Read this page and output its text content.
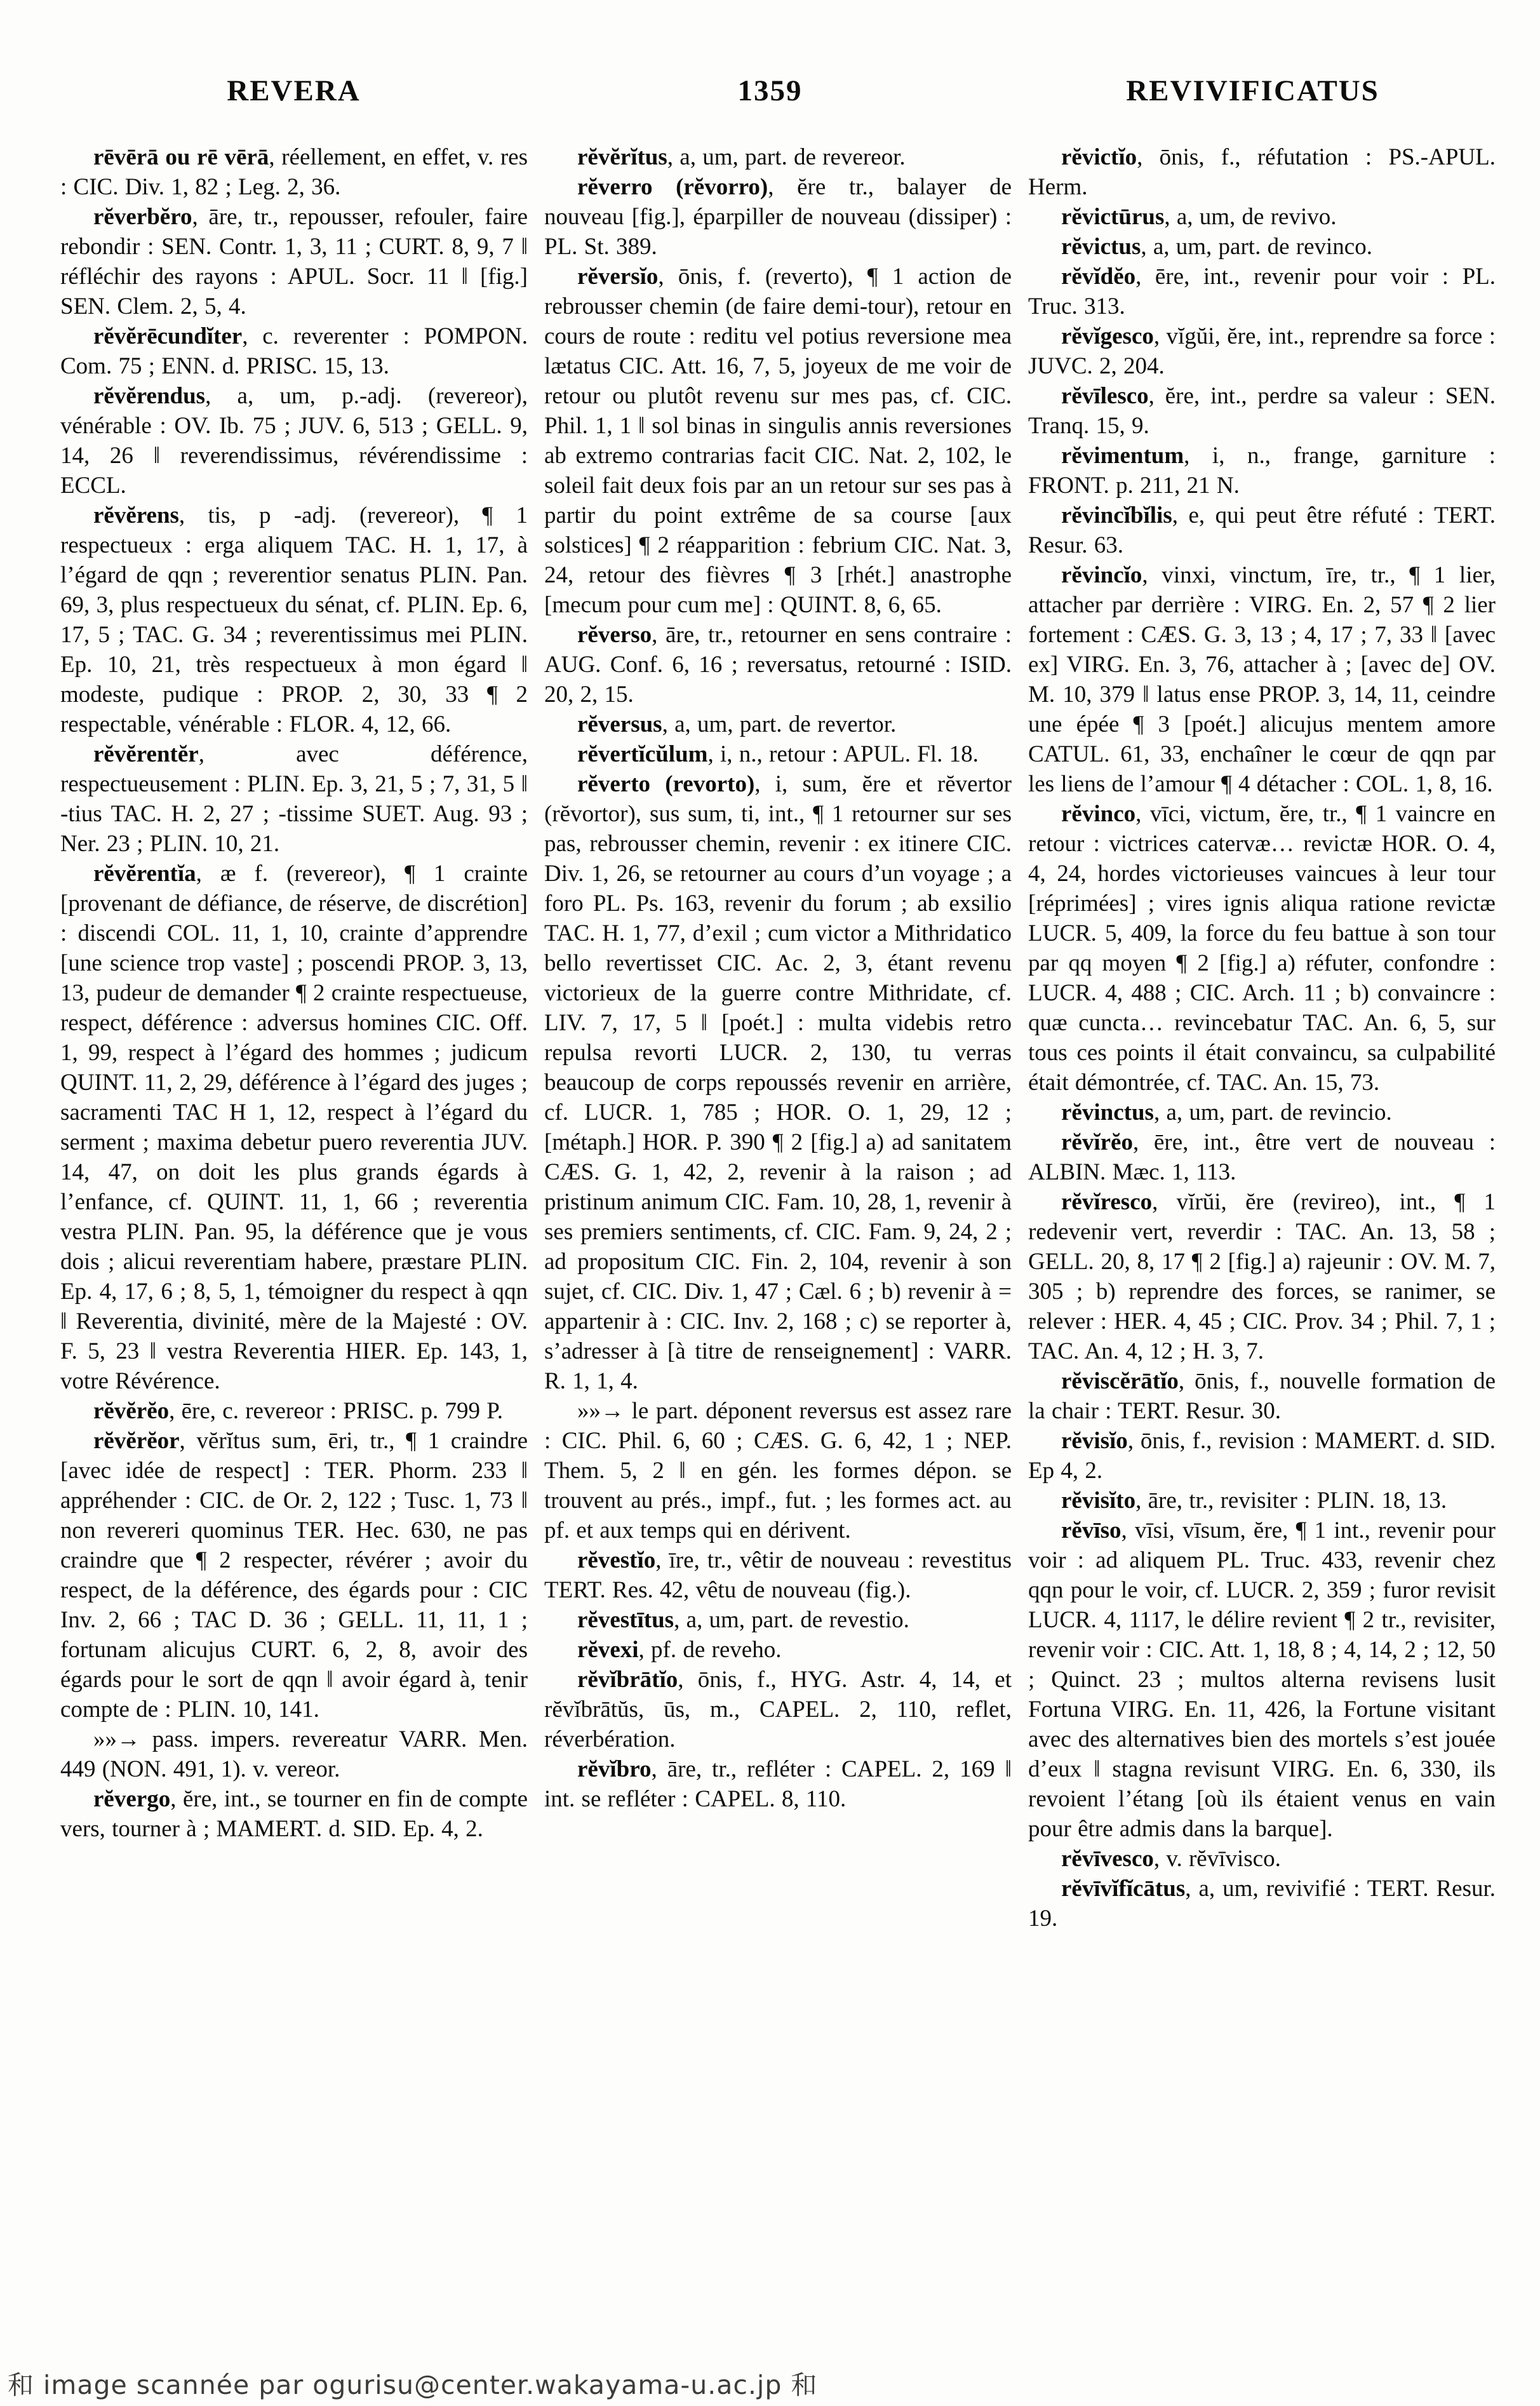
REVERA	1359	REVIVIFICATUS

rēvērā ou rē vērā, réellement, en effet, v. res : CIC. Div. 1, 82 ; Leg. 2, 36.

rĕverbĕro, āre, tr., repousser, refouler, faire rebondir : SEN. Contr. 1, 3, 11 ; CURT. 8, 9, 7 ‖ réfléchir des rayons : APUL. Socr. 11 ‖ [fig.] SEN. Clem. 2, 5, 4.

rĕvĕrēcundĭter, c. reverenter : POMPON. Com. 75 ; ENN. d. PRISC. 15, 13.

rĕvĕrendus, a, um, p.-adj. (revereor), vénérable : OV. Ib. 75 ; JUV. 6, 513 ; GELL. 9, 14, 26 ‖ reverendissimus, révérendissime : ECCL.

rĕvĕrens, tis, p -adj. (revereor), ¶ 1 respectueux : erga aliquem TAC. H. 1, 17, à l’égard de qqn ; reverentior senatus PLIN. Pan. 69, 3, plus respectueux du sénat, cf. PLIN. Ep. 6, 17, 5 ; TAC. G. 34 ; reverentissimus mei PLIN. Ep. 10, 21, très respectueux à mon égard ‖ modeste, pudique : PROP. 2, 30, 33 ¶ 2 respectable, vénérable : FLOR. 4, 12, 66.

rĕvĕrentĕr, avec déférence, respectueusement : PLIN. Ep. 3, 21, 5 ; 7, 31, 5 ‖ -tius TAC. H. 2, 27 ; -tissime SUET. Aug. 93 ; Ner. 23 ; PLIN. 10, 21.

rĕvĕrentĭa, æ f. (revereor), ¶ 1 crainte [provenant de défiance, de réserve, de discrétion] : discendi COL. 11, 1, 10, crainte d’apprendre [une science trop vaste] ; poscendi PROP. 3, 13, 13, pudeur de demander ¶ 2 crainte respectueuse, respect, déférence : adversus homines CIC. Off. 1, 99, respect à l’égard des hommes ; judicum QUINT. 11, 2, 29, déférence à l’égard des juges ; sacramenti TAC H 1, 12, respect à l’égard du serment ; maxima debetur puero reverentia JUV. 14, 47, on doit les plus grands égards à l’enfance, cf. QUINT. 11, 1, 66 ; reverentia vestra PLIN. Pan. 95, la déférence que je vous dois ; alicui reverentiam habere, præstare PLIN. Ep. 4, 17, 6 ; 8, 5, 1, témoigner du respect à qqn ‖ Reverentia, divinité, mère de la Majesté : OV. F. 5, 23 ‖ vestra Reverentia HIER. Ep. 143, 1, votre Révérence.

rĕvĕrĕo, ēre, c. revereor : PRISC. p. 799 P.

rĕvĕrĕor, vĕrĭtus sum, ēri, tr., ¶ 1 craindre [avec idée de respect] : TER. Phorm. 233 ‖ appréhender : CIC. de Or. 2, 122 ; Tusc. 1, 73 ‖ non revereri quominus TER. Hec. 630, ne pas craindre que ¶ 2 respecter, révérer ; avoir du respect, de la déférence, des égards pour : CIC Inv. 2, 66 ; TAC D. 36 ; GELL. 11, 11, 1 ; fortunam alicujus CURT. 6, 2, 8, avoir des égards pour le sort de qqn ‖ avoir égard à, tenir compte de : PLIN. 10, 141.

»»→ pass. impers. revereatur VARR. Men. 449 (NON. 491, 1). v. vereor.

rĕvergo, ĕre, int., se tourner en fin de compte vers, tourner à ; MAMERT. d. SID. Ep. 4, 2.

rĕvĕrĭtus, a, um, part. de revereor.

rĕverro (rĕvorro), ĕre tr., balayer de nouveau [fig.], éparpiller de nouveau (dissiper) : PL. St. 389.

rĕversĭo, ōnis, f. (reverto), ¶ 1 action de rebrousser chemin (de faire demi-tour), retour en cours de route : reditu vel potius reversione mea lætatus CIC. Att. 16, 7, 5, joyeux de me voir de retour ou plutôt revenu sur mes pas, cf. CIC. Phil. 1, 1 ‖ sol binas in singulis annis reversiones ab extremo contrarias facit CIC. Nat. 2, 102, le soleil fait deux fois par an un retour sur ses pas à partir du point extrême de sa course [aux solstices] ¶ 2 réapparition : febrium CIC. Nat. 3, 24, retour des fièvres ¶ 3 [rhét.] anastrophe [mecum pour cum me] : QUINT. 8, 6, 65.

rĕverso, āre, tr., retourner en sens contraire : AUG. Conf. 6, 16 ; reversatus, retourné : ISID. 20, 2, 15.

rĕversus, a, um, part. de revertor.

rĕvertĭcŭlum, i, n., retour : APUL. Fl. 18.

rĕverto (revorto), i, sum, ĕre et rĕvertor (rĕvortor), sus sum, ti, int., ¶ 1 retourner sur ses pas, rebrousser chemin, revenir : ex itinere CIC. Div. 1, 26, se retourner au cours d’un voyage ; a foro PL. Ps. 163, revenir du forum ; ab exsilio TAC. H. 1, 77, d’exil ; cum victor a Mithridatico bello revertisset CIC. Ac. 2, 3, étant revenu victorieux de la guerre contre Mithridate, cf. LIV. 7, 17, 5 ‖ [poét.] : multa videbis retro repulsa revorti LUCR. 2, 130, tu verras beaucoup de corps repoussés revenir en arrière, cf. LUCR. 1, 785 ; HOR. O. 1, 29, 12 ; [métaph.] HOR. P. 390 ¶ 2 [fig.] a) ad sanitatem CÆS. G. 1, 42, 2, revenir à la raison ; ad pristinum animum CIC. Fam. 10, 28, 1, revenir à ses premiers sentiments, cf. CIC. Fam. 9, 24, 2 ; ad propositum CIC. Fin. 2, 104, revenir à son sujet, cf. CIC. Div. 1, 47 ; Cæl. 6 ; b) revenir à = appartenir à : CIC. Inv. 2, 168 ; c) se reporter à, s’adresser à [à titre de renseignement] : VARR. R. 1, 1, 4.

»»→ le part. déponent reversus est assez rare : CIC. Phil. 6, 60 ; CÆS. G. 6, 42, 1 ; NEP. Them. 5, 2 ‖ en gén. les formes dépon. se trouvent au prés., impf., fut. ; les formes act. au pf. et aux temps qui en dérivent.

rĕvestĭo, īre, tr., vêtir de nouveau : revestitus TERT. Res. 42, vêtu de nouveau (fig.).

rĕvestītus, a, um, part. de revestio.

rĕvexi, pf. de reveho.

rĕvĭbrātĭo, ōnis, f., HYG. Astr. 4, 14, et rĕvĭbrātŭs, ūs, m., CAPEL. 2, 110, reflet, réverbération.

rĕvĭbro, āre, tr., refléter : CAPEL. 2, 169 ‖ int. se refléter : CAPEL. 8, 110.

rĕvictĭo, ōnis, f., réfutation : PS.-APUL. Herm.

rĕvictūrus, a, um, de revivo.

rĕvictus, a, um, part. de revinco.

rĕvĭdĕo, ēre, int., revenir pour voir : PL. Truc. 313.

rĕvĭgesco, vĭgŭi, ĕre, int., reprendre sa force : JUVC. 2, 204.

rĕvīlesco, ĕre, int., perdre sa valeur : SEN. Tranq. 15, 9.

rĕvimentum, i, n., frange, garniture : FRONT. p. 211, 21 N.

rĕvincĭbĭlis, e, qui peut être réfuté : TERT. Resur. 63.

rĕvincĭo, vinxi, vinctum, īre, tr., ¶ 1 lier, attacher par derrière : VIRG. En. 2, 57 ¶ 2 lier fortement : CÆS. G. 3, 13 ; 4, 17 ; 7, 33 ‖ [avec ex] VIRG. En. 3, 76, attacher à ; [avec de] OV. M. 10, 379 ‖ latus ense PROP. 3, 14, 11, ceindre une épée ¶ 3 [poét.] alicujus mentem amore CATUL. 61, 33, enchaîner le cœur de qqn par les liens de l’amour ¶ 4 détacher : COL. 1, 8, 16.

rĕvinco, vīci, victum, ĕre, tr., ¶ 1 vaincre en retour : victrices catervæ… revictæ HOR. O. 4, 4, 24, hordes victorieuses vaincues à leur tour [réprimées] ; vires ignis aliqua ratione revictæ LUCR. 5, 409, la force du feu battue à son tour par qq moyen ¶ 2 [fig.] a) réfuter, confondre : LUCR. 4, 488 ; CIC. Arch. 11 ; b) convaincre : quæ cuncta… revincebatur TAC. An. 6, 5, sur tous ces points il était convaincu, sa culpabilité était démontrée, cf. TAC. An. 15, 73.

rĕvinctus, a, um, part. de revincio.

rĕvĭrĕo, ēre, int., être vert de nouveau : ALBIN. Mæc. 1, 113.

rĕvĭresco, vĭrŭi, ĕre (revireo), int., ¶ 1 redevenir vert, reverdir : TAC. An. 13, 58 ; GELL. 20, 8, 17 ¶ 2 [fig.] a) rajeunir : OV. M. 7, 305 ; b) reprendre des forces, se ranimer, se relever : HER. 4, 45 ; CIC. Prov. 34 ; Phil. 7, 1 ; TAC. An. 4, 12 ; H. 3, 7.

rĕviscĕrātĭo, ōnis, f., nouvelle formation de la chair : TERT. Resur. 30.

rĕvisĭo, ōnis, f., revision : MAMERT. d. SID. Ep 4, 2.

rĕvisĭto, āre, tr., revisiter : PLIN. 18, 13.

rĕvīso, vīsi, vīsum, ĕre, ¶ 1 int., revenir pour voir : ad aliquem PL. Truc. 433, revenir chez qqn pour le voir, cf. LUCR. 2, 359 ; furor revisit LUCR. 4, 1117, le délire revient ¶ 2 tr., revisiter, revenir voir : CIC. Att. 1, 18, 8 ; 4, 14, 2 ; 12, 50 ; Quinct. 23 ; multos alterna revisens lusit Fortuna VIRG. En. 11, 426, la Fortune visitant avec des alternatives bien des mortels s’est jouée d’eux ‖ stagna revisunt VIRG. En. 6, 330, ils revoient l’étang [où ils étaient venus en vain pour être admis dans la barque].

rĕvīvesco, v. rĕvīvisco.

rĕvīvĭfĭcātus, a, um, revivifié : TERT. Resur. 19.

和 image scannée par ogurisu@center.wakayama-u.ac.jp 和
